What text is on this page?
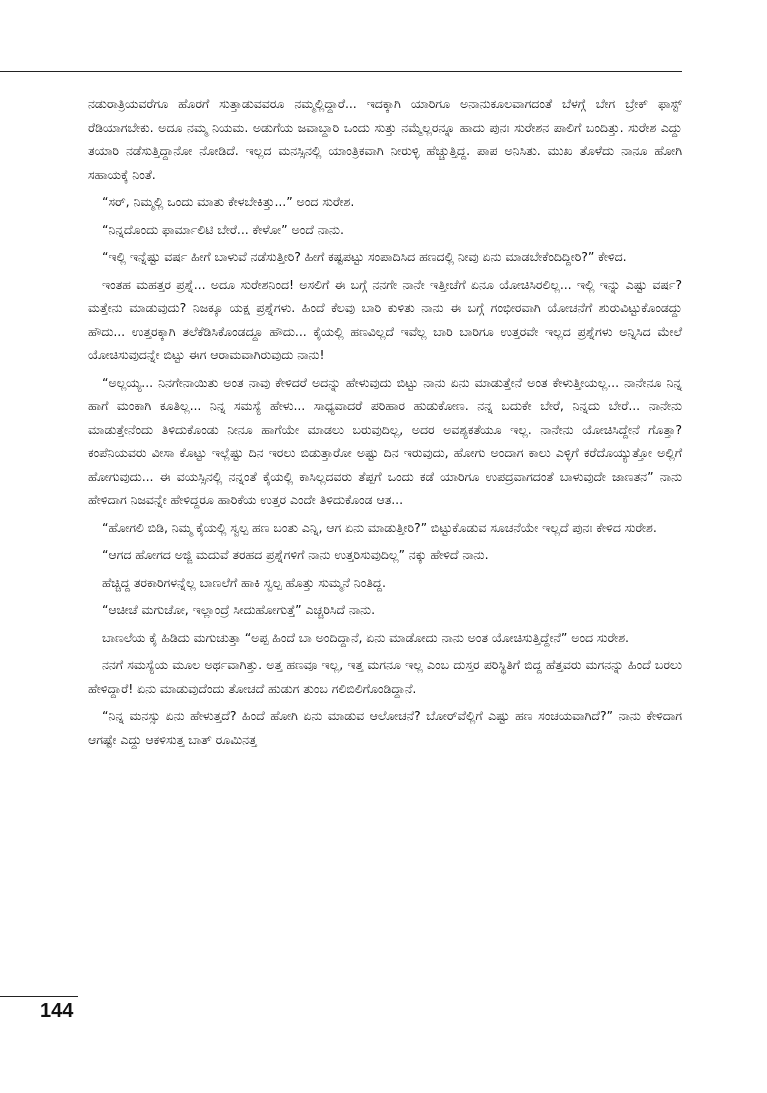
ನಡುರಾತ್ರಿಯವರೆಗೂ ಹೊರಗೆ ಸುತ್ತಾಡುವವರೂ ನಮ್ಮಲ್ಲಿದ್ದಾರೆ... ಇದಕ್ಕಾಗಿ ಯಾರಿಗೂ ಅನಾನುಕೂಲವಾಗದಂತೆ ಬೆಳಗ್ಗೆ ಬೇಗ ಬ್ರೇಕ್ ಫಾಸ್ಟ್ ರೆಡಿಯಾಗಬೇಕು. ಅದೂ ನಮ್ಮ ನಿಯಮ. ಅಡುಗೆಯ ಜವಾಬ್ದಾರಿ ಒಂದು ಸುತ್ತು ನಮ್ಮೆಲ್ಲರನ್ನೂ ಹಾದು ಪುನಃ ಸುರೇಶನ ಪಾಲಿಗೆ ಬಂದಿತ್ತು. ಸುರೇಶ ಎದ್ದು ತಯಾರಿ ನಡೆಸುತ್ತಿದ್ದಾನೋ ನೋಡಿದೆ. ಇಲ್ಲದ ಮನಸ್ಸಿನಲ್ಲಿ ಯಾಂತ್ರಿಕವಾಗಿ ನೀರುಳ್ಳಿ ಹೆಚ್ಚುತ್ತಿದ್ದ. ಪಾಪ ಅನಿಸಿತು. ಮುಖ ತೊಳೆದು ನಾನೂ ಹೋಗಿ ಸಹಾಯಕ್ಕೆ ನಿಂತೆ.

“ಸರ್, ನಿಮ್ಮಲ್ಲಿ ಒಂದು ಮಾತು ಕೇಳಬೇಕಿತ್ತು...” ಅಂದ ಸುರೇಶ.

“ನಿನ್ನದೊಂದು ಫಾರ್ಮಾಲಿಟಿ ಬೇರೆ... ಕೇಳೋ” ಅಂದೆ ನಾನು.

“ಇಲ್ಲಿ ಇನ್ನೆಷ್ಟು ವರ್ಷ ಹೀಗೆ ಬಾಳುವೆ ನಡೆಸುತ್ತೀರಿ? ಹೀಗೆ ಕಷ್ಟಪಟ್ಟು ಸಂಪಾದಿಸಿದ ಹಣದಲ್ಲಿ ನೀವು ಏನು ಮಾಡಬೇಕೆಂದಿದ್ದೀರಿ?” ಕೇಳಿದ.

ಇಂತಹ ಮಹತ್ತರ ಪ್ರಶ್ನೆ... ಅದೂ ಸುರೇಶನಿಂದ! ಅಸಲಿಗೆ ಈ ಬಗ್ಗೆ ನನಗೇ ನಾನೇ ಇತ್ತೀಚೆಗೆ ಏನೂ ಯೋಚಿಸಿರಲಿಲ್ಲ... ಇಲ್ಲಿ ಇನ್ನು ಎಷ್ಟು ವರ್ಷ? ಮತ್ತೇನು ಮಾಡುವುದು? ನಿಜಕ್ಕೂ ಯಕ್ಷ ಪ್ರಶ್ನೆಗಳು. ಹಿಂದೆ ಕೆಲವು ಬಾರಿ ಕುಳಿತು ನಾನು ಈ ಬಗ್ಗೆ ಗಂಭೀರವಾಗಿ ಯೋಚನೆಗೆ ಶುರುವಿಟ್ಟುಕೊಂಡದ್ದು ಹೌದು... ಉತ್ತರಕ್ಕಾಗಿ ತಲೆಕೆಡಿಸಿಕೊಂಡದ್ದೂ ಹೌದು... ಕೈಯಲ್ಲಿ ಹಣವಿಲ್ಲದೆ ಇವೆಲ್ಲ ಬಾರಿ ಬಾರಿಗೂ ಉತ್ತರವೇ ಇಲ್ಲದ ಪ್ರಶ್ನೆಗಳು ಅನ್ನಿಸಿದ ಮೇಲೆ ಯೋಚಿಸುವುದನ್ನೇ ಬಿಟ್ಟು ಈಗ ಆರಾಮವಾಗಿರುವುದು ನಾನು!

“ಅಲ್ಲಯ್ಯ... ನಿನಗೇನಾಯಿತು ಅಂತ ನಾವು ಕೇಳಿದರೆ ಅದನ್ನು ಹೇಳುವುದು ಬಿಟ್ಟು ನಾನು ಏನು ಮಾಡುತ್ತೇನೆ ಅಂತ ಕೇಳುತ್ತೀಯಲ್ಲ... ನಾನೇನೂ ನಿನ್ನ ಹಾಗೆ ಮಂಕಾಗಿ ಕೂತಿಲ್ಲ... ನಿನ್ನ ಸಮಸ್ಯೆ ಹೇಳು... ಸಾಧ್ಯವಾದರೆ ಪರಿಹಾರ ಹುಡುಕೋಣ. ನನ್ನ ಬದುಕೇ ಬೇರೆ, ನಿನ್ನದು ಬೇರೆ... ನಾನೇನು ಮಾಡುತ್ತೇನೆಂದು ತಿಳಿದುಕೊಂಡು ನೀನೂ ಹಾಗೆಯೇ ಮಾಡಲು ಬರುವುದಿಲ್ಲ, ಅದರ ಅವಶ್ಯಕತೆಯೂ ಇಲ್ಲ. ನಾನೇನು ಯೋಚಿಸಿದ್ದೇನೆ ಗೊತ್ತಾ? ಕಂಪೆನಿಯವರು ವೀಸಾ ಕೊಟ್ಟು ಇಲ್ಲೆಷ್ಟು ದಿನ ಇರಲು ಬಿಡುತ್ತಾರೋ ಅಷ್ಟು ದಿನ ಇರುವುದು, ಹೋಗು ಅಂದಾಗ ಕಾಲು ಎಳ್ಳಿಗೆ ಕರೆದೊಯ್ಯುತ್ತೋ ಅಲ್ಲಿಗೆ ಹೋಗುವುದು... ಈ ವಯಸ್ಸಿನಲ್ಲಿ ನನ್ನಂತೆ ಕೈಯಲ್ಲಿ ಕಾಸಿಲ್ಲದವರು ತೆಪ್ಪಗೆ ಒಂದು ಕಡೆ ಯಾರಿಗೂ ಉಪದ್ರವಾಗದಂತೆ ಬಾಳುವುದೇ ಜಾಣತನ” ನಾನು ಹೇಳಿದಾಗ ನಿಜವನ್ನೇ ಹೇಳಿದ್ದರೂ ಹಾರಿಕೆಯ ಉತ್ತರ ಎಂದೇ ತಿಳಿದುಕೊಂಡ ಆತ...

“ಹೋಗಲಿ ಬಿಡಿ, ನಿಮ್ಮ ಕೈಯಲ್ಲಿ ಸ್ವಲ್ಪ ಹಣ ಬಂತು ಎನ್ನಿ, ಆಗ ಏನು ಮಾಡುತ್ತೀರಿ?” ಬಿಟ್ಟುಕೊಡುವ ಸೂಚನೆಯೇ ಇಲ್ಲದೆ ಪುನಃ ಕೇಳಿದ ಸುರೇಶ.

“ಆಗದ ಹೋಗದ ಅಜ್ಜಿ ಮದುವೆ ತರಹದ ಪ್ರಶ್ನೆಗಳಿಗೆ ನಾನು ಉತ್ತರಿಸುವುದಿಲ್ಲ” ನಕ್ಕು ಹೇಳಿದೆ ನಾನು.

ಹೆಚ್ಚಿದ್ದ ತರಕಾರಿಗಳನ್ನೆಲ್ಲ ಬಾಣಲೆಗೆ ಹಾಕಿ ಸ್ವಲ್ಪ ಹೊತ್ತು ಸುಮ್ಮನೆ ನಿಂತಿದ್ದ.

“ಆಚೀಚೆ ಮಗುಚೋ, ಇಲ್ಲಾಂದ್ರೆ ಸೀದುಹೋಗುತ್ತೆ” ಎಚ್ಚರಿಸಿದೆ ನಾನು.

ಬಾಣಲೆಯ ಕೈ ಹಿಡಿದು ಮಗುಚುತ್ತಾ “ಅಪ್ಪ ಹಿಂದೆ ಬಾ ಅಂದಿದ್ದಾನೆ, ಏನು ಮಾಡೋದು ನಾನು ಅಂತ ಯೋಚಿಸುತ್ತಿದ್ದೇನೆ” ಅಂದ ಸುರೇಶ.

ನನಗೆ ಸಮಸ್ಯೆಯ ಮೂಲ ಅರ್ಥವಾಗಿತ್ತು. ಅತ್ತ ಹಣವೂ ಇಲ್ಲ, ಇತ್ತ ಮಗನೂ ಇಲ್ಲ ಎಂಬ ದುಸ್ತರ ಪರಿಸ್ಥಿತಿಗೆ ಬಿದ್ದ ಹೆತ್ತವರು ಮಗನನ್ನು ಹಿಂದೆ ಬರಲು ಹೇಳಿದ್ದಾರೆ! ಏನು ಮಾಡುವುದೆಂದು ತೋಚದೆ ಹುಡುಗ ತುಂಬ ಗಲಿಬಿಲಿಗೊಂಡಿದ್ದಾನೆ.

“ನಿನ್ನ ಮನಸ್ಸು ಏನು ಹೇಳುತ್ತದೆ? ಹಿಂದೆ ಹೋಗಿ ಏನು ಮಾಡುವ ಆಲೋಚನೆ? ಬೋರ್‌ವೆಲ್ಲಿಗೆ ಎಷ್ಟು ಹಣ ಸಂಚಯವಾಗಿದೆ?” ನಾನು ಕೇಳಿದಾಗ ಆಗಷ್ಟೇ ಎದ್ದು ಆಕಳಿಸುತ್ತ ಬಾತ್ ರೂಮಿನತ್ತ

144
